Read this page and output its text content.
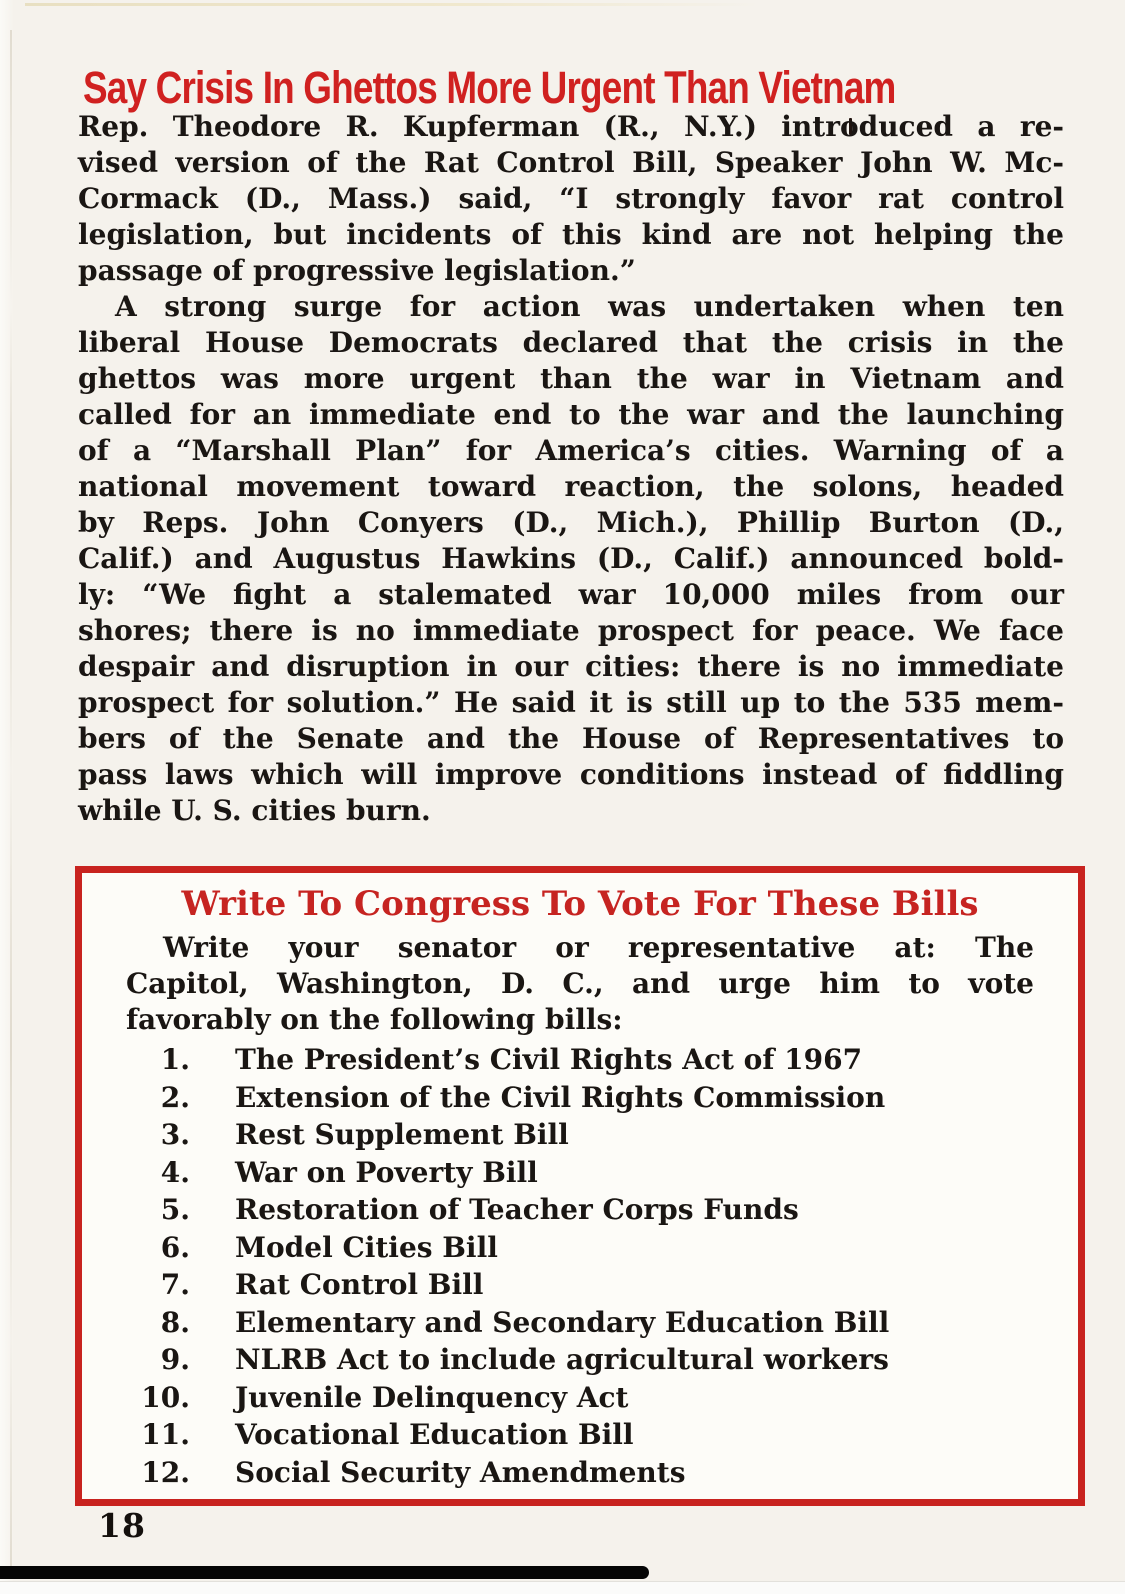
Say Crisis In Ghettos More Urgent Than Vietnam
Rep. Theodore R. Kupferman (R., N.Y.) introduced a re-
vised version of the Rat Control Bill, Speaker John W. Mc-
Cormack (D., Mass.) said, “I strongly favor rat control
legislation, but incidents of this kind are not helping the
passage of progressive legislation.”
A strong surge for action was undertaken when ten
liberal House Democrats declared that the crisis in the
ghettos was more urgent than the war in Vietnam and
called for an immediate end to the war and the launching
of a “Marshall Plan” for America’s cities. Warning of a
national movement toward reaction, the solons, headed
by Reps. John Conyers (D., Mich.), Phillip Burton (D.,
Calif.) and Augustus Hawkins (D., Calif.) announced bold-
ly: “We fight a stalemated war 10,000 miles from our
shores; there is no immediate prospect for peace. We face
despair and disruption in our cities: there is no immediate
prospect for solution.” He said it is still up to the 535 mem-
bers of the Senate and the House of Representatives to
pass laws which will improve conditions instead of fiddling
while U. S. cities burn.
Write To Congress To Vote For These Bills
Write your senator or representative at: The
Capitol, Washington, D. C., and urge him to vote
favorably on the following bills:
1. The President’s Civil Rights Act of 1967
2. Extension of the Civil Rights Commission
3. Rest Supplement Bill
4. War on Poverty Bill
5. Restoration of Teacher Corps Funds
6. Model Cities Bill
7. Rat Control Bill
8. Elementary and Secondary Education Bill
9. NLRB Act to include agricultural workers
10. Juvenile Delinquency Act
11. Vocational Education Bill
12. Social Security Amendments
18
